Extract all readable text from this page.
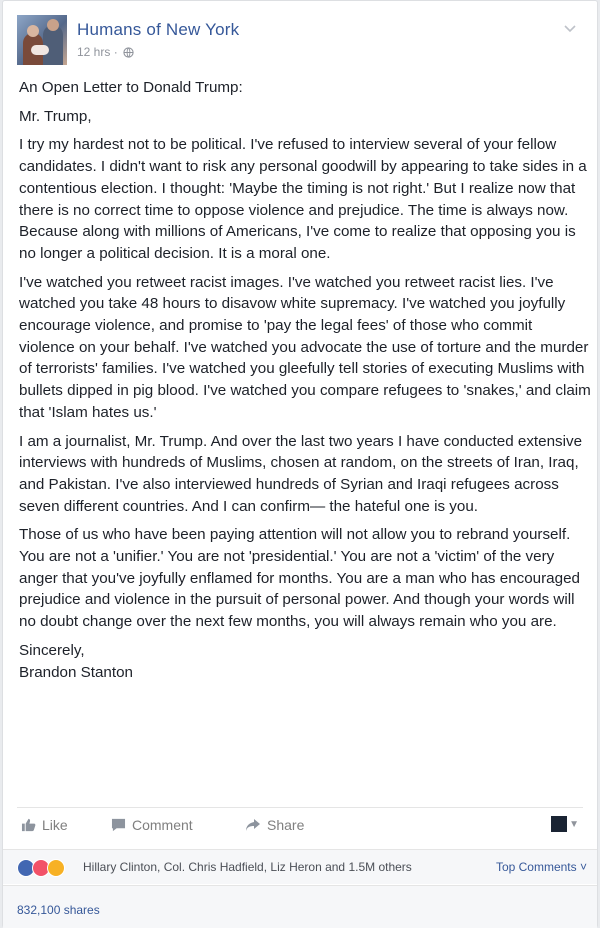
Humans of New York
12 hrs ·

An Open Letter to Donald Trump:

Mr. Trump,

I try my hardest not to be political. I've refused to interview several of your fellow candidates. I didn't want to risk any personal goodwill by appearing to take sides in a contentious election. I thought: 'Maybe the timing is not right.' But I realize now that there is no correct time to oppose violence and prejudice. The time is always now. Because along with millions of Americans, I've come to realize that opposing you is no longer a political decision. It is a moral one.

I've watched you retweet racist images. I've watched you retweet racist lies. I've watched you take 48 hours to disavow white supremacy. I've watched you joyfully encourage violence, and promise to 'pay the legal fees' of those who commit violence on your behalf. I've watched you advocate the use of torture and the murder of terrorists' families. I've watched you gleefully tell stories of executing Muslims with bullets dipped in pig blood. I've watched you compare refugees to 'snakes,' and claim that 'Islam hates us.'

I am a journalist, Mr. Trump. And over the last two years I have conducted extensive interviews with hundreds of Muslims, chosen at random, on the streets of Iran, Iraq, and Pakistan. I've also interviewed hundreds of Syrian and Iraqi refugees across seven different countries. And I can confirm— the hateful one is you.

Those of us who have been paying attention will not allow you to rebrand yourself. You are not a 'unifier.' You are not 'presidential.' You are not a 'victim' of the very anger that you've joyfully enflamed for months. You are a man who has encouraged prejudice and violence in the pursuit of personal power. And though your words will no doubt change over the next few months, you will always remain who you are.

Sincerely,
Brandon Stanton
Like	Comment	Share	▼
Hillary Clinton, Col. Chris Hadfield, Liz Heron and 1.5M others	Top Comments ˅
832,100 shares
